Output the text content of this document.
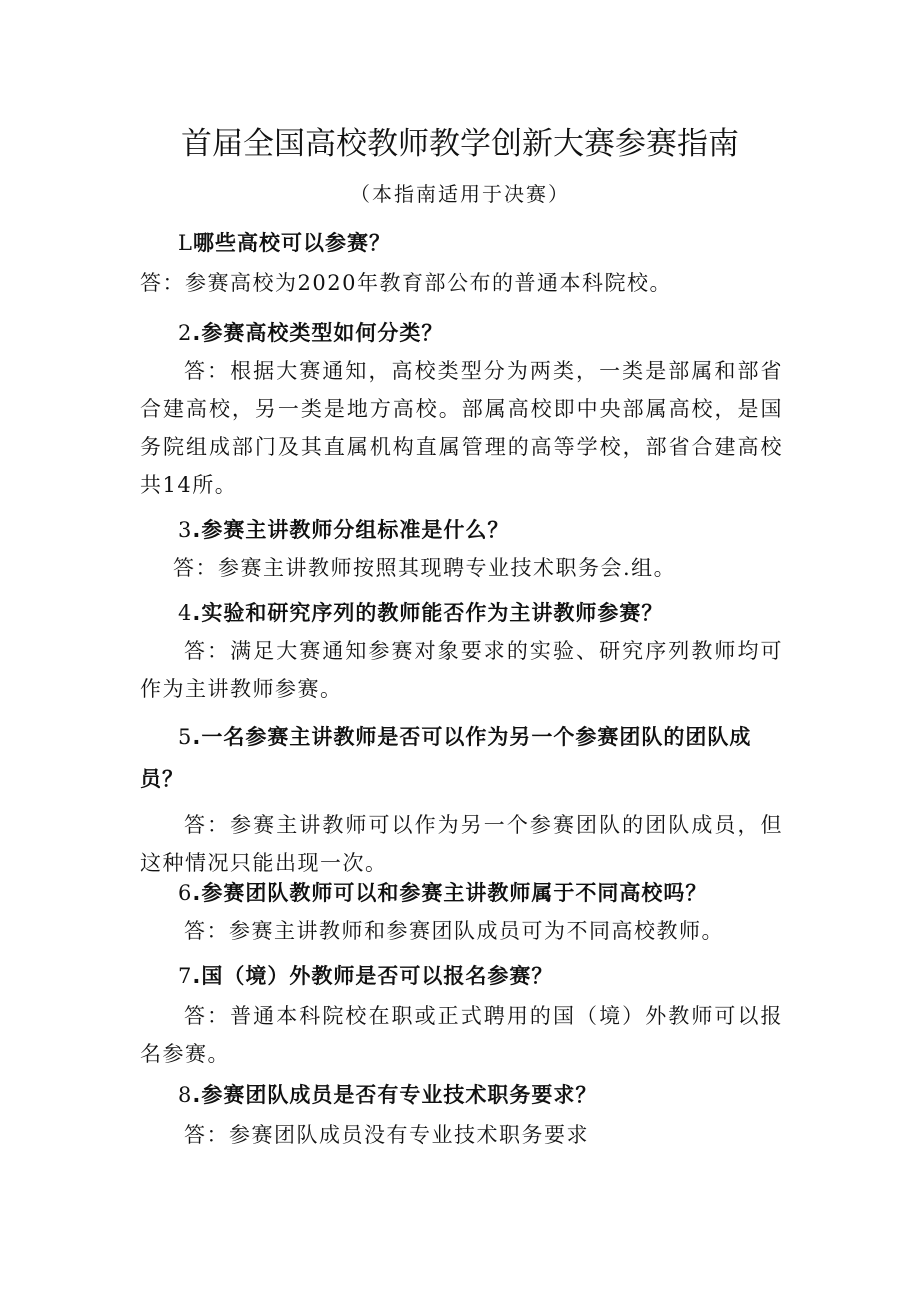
首届全国高校教师教学创新大赛参赛指南
（本指南适用于决赛）

L哪些高校可以参赛？

答：参赛高校为2020年教育部公布的普通本科院校。

2.参赛高校类型如何分类？

答：根据大赛通知，高校类型分为两类，一类是部属和部省合建高校，另一类是地方高校。部属高校即中央部属高校，是国务院组成部门及其直属机构直属管理的高等学校，部省合建高校共14所。

3.参赛主讲教师分组标准是什么？

答：参赛主讲教师按照其现聘专业技术职务会.组。

4.实验和研究序列的教师能否作为主讲教师参赛？

答：满足大赛通知参赛对象要求的实验、研究序列教师均可作为主讲教师参赛。

5.一名参赛主讲教师是否可以作为另一个参赛团队的团队成员？

答：参赛主讲教师可以作为另一个参赛团队的团队成员，但这种情况只能出现一次。

6.参赛团队教师可以和参赛主讲教师属于不同高校吗？

答：参赛主讲教师和参赛团队成员可为不同高校教师。

7.国（境）外教师是否可以报名参赛？

答：普通本科院校在职或正式聘用的国（境）外教师可以报名参赛。

8.参赛团队成员是否有专业技术职务要求？

答：参赛团队成员没有专业技术职务要求
